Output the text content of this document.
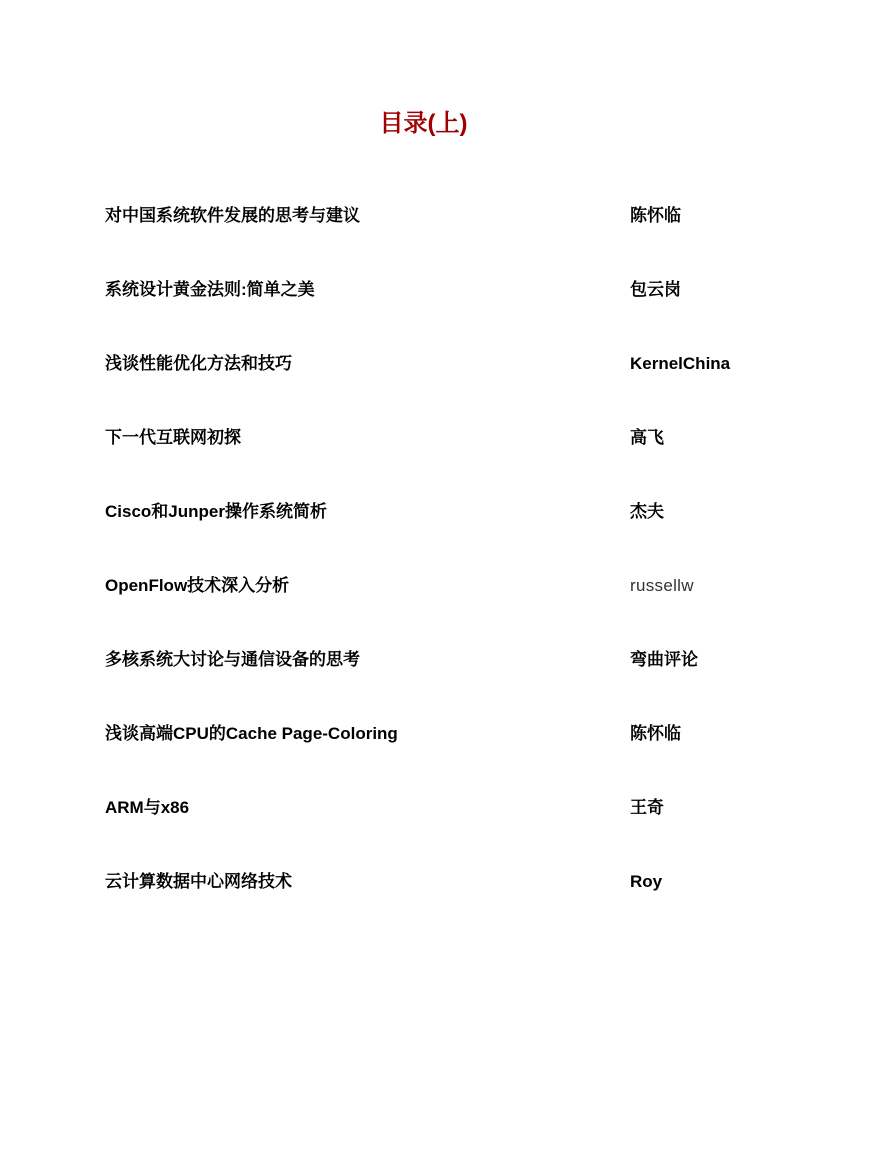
目录(上)
对中国系统软件发展的思考与建议	陈怀临
系统设计黄金法则:简单之美	包云岗
浅谈性能优化方法和技巧	KernelChina
下一代互联网初探	高飞
Cisco和Junper操作系统简析	杰夫
OpenFlow技术深入分析	russellw
多核系统大讨论与通信设备的思考	弯曲评论
浅谈高端CPU的Cache Page-Coloring	陈怀临
ARM与x86	王奇
云计算数据中心网络技术	Roy
